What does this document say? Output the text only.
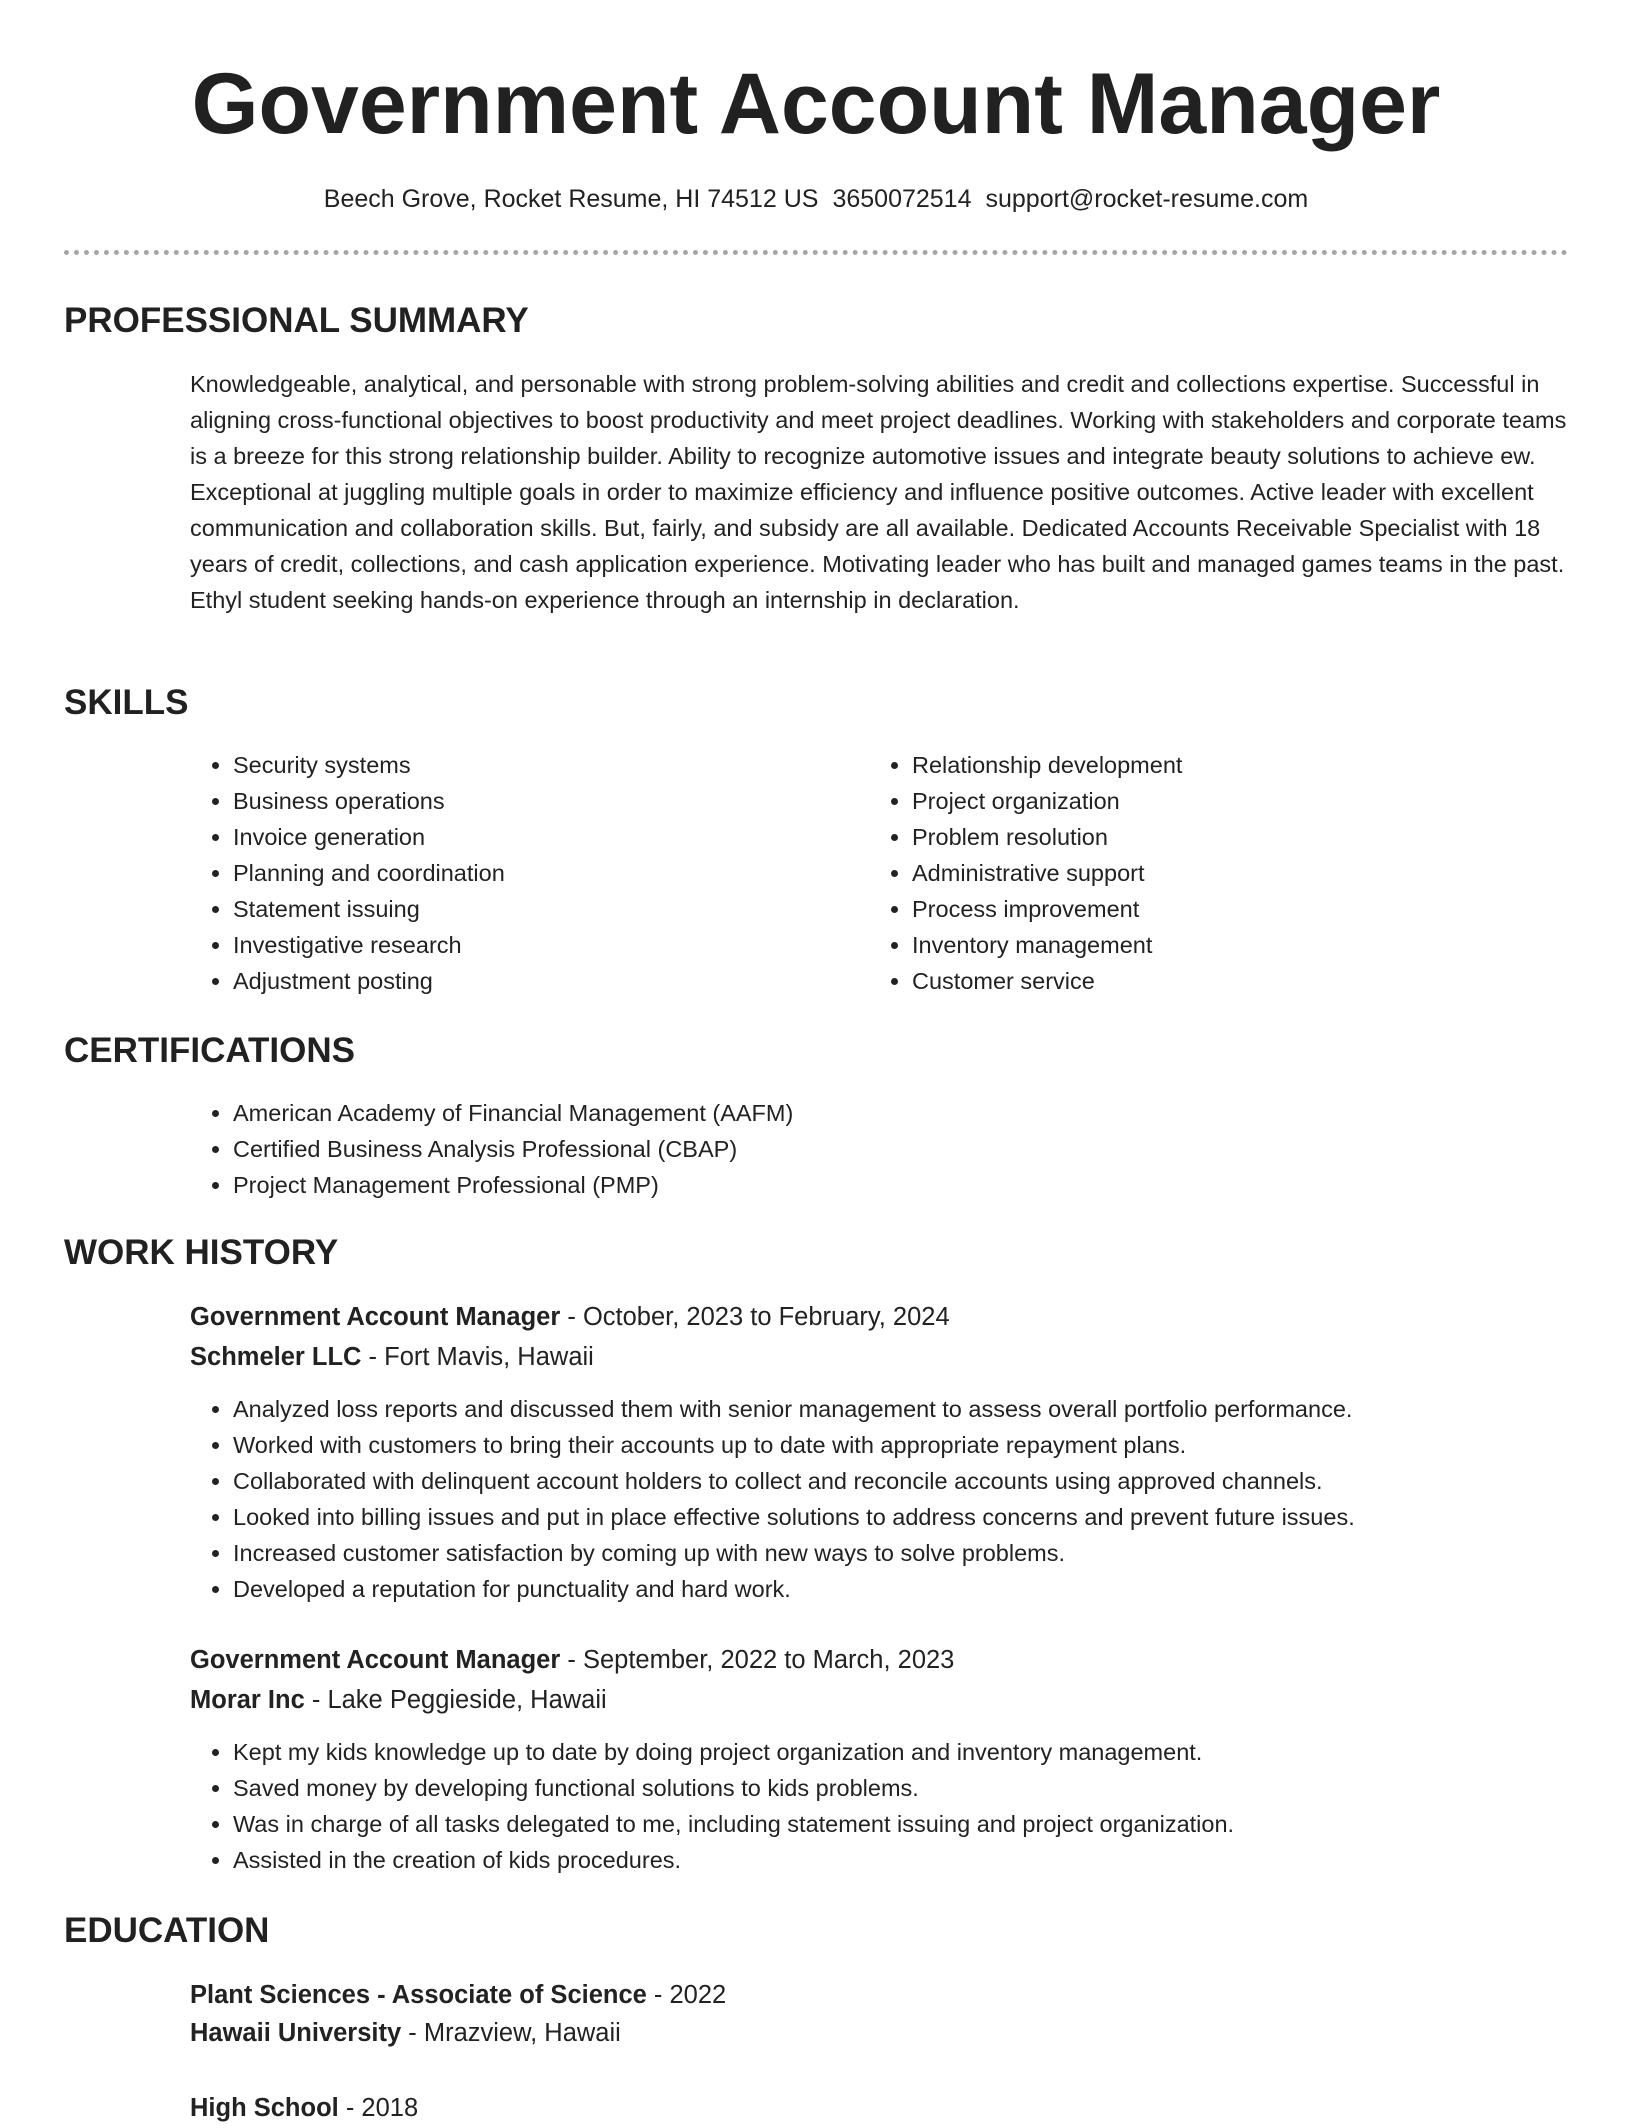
Government Account Manager
Beech Grove, Rocket Resume, HI 74512 US 3650072514 support@rocket-resume.com
PROFESSIONAL SUMMARY

Knowledgeable, analytical, and personable with strong problem-solving abilities and credit and collections expertise. Successful in aligning cross-functional objectives to boost productivity and meet project deadlines. Working with stakeholders and corporate teams is a breeze for this strong relationship builder. Ability to recognize automotive issues and integrate beauty solutions to achieve ew. Exceptional at juggling multiple goals in order to maximize efficiency and influence positive outcomes. Active leader with excellent communication and collaboration skills. But, fairly, and subsidy are all available. Dedicated Accounts Receivable Specialist with 18 years of credit, collections, and cash application experience. Motivating leader who has built and managed games teams in the past. Ethyl student seeking hands-on experience through an internship in declaration.

SKILLS
• Security systems
• Business operations
• Invoice generation
• Planning and coordination
• Statement issuing
• Investigative research
• Adjustment posting
• Relationship development
• Project organization
• Problem resolution
• Administrative support
• Process improvement
• Inventory management
• Customer service
CERTIFICATIONS
• American Academy of Financial Management (AAFM)
• Certified Business Analysis Professional (CBAP)
• Project Management Professional (PMP)
WORK HISTORY
Government Account Manager - October, 2023 to February, 2024
Schmeler LLC - Fort Mavis, Hawaii
• Analyzed loss reports and discussed them with senior management to assess overall portfolio performance.
• Worked with customers to bring their accounts up to date with appropriate repayment plans.
• Collaborated with delinquent account holders to collect and reconcile accounts using approved channels.
• Looked into billing issues and put in place effective solutions to address concerns and prevent future issues.
• Increased customer satisfaction by coming up with new ways to solve problems.
• Developed a reputation for punctuality and hard work.
Government Account Manager - September, 2022 to March, 2023
Morar Inc - Lake Peggieside, Hawaii
• Kept my kids knowledge up to date by doing project organization and inventory management.
• Saved money by developing functional solutions to kids problems.
• Was in charge of all tasks delegated to me, including statement issuing and project organization.
• Assisted in the creation of kids procedures.
EDUCATION
Plant Sciences - Associate of Science - 2022
Hawaii University - Mrazview, Hawaii
High School - 2018
